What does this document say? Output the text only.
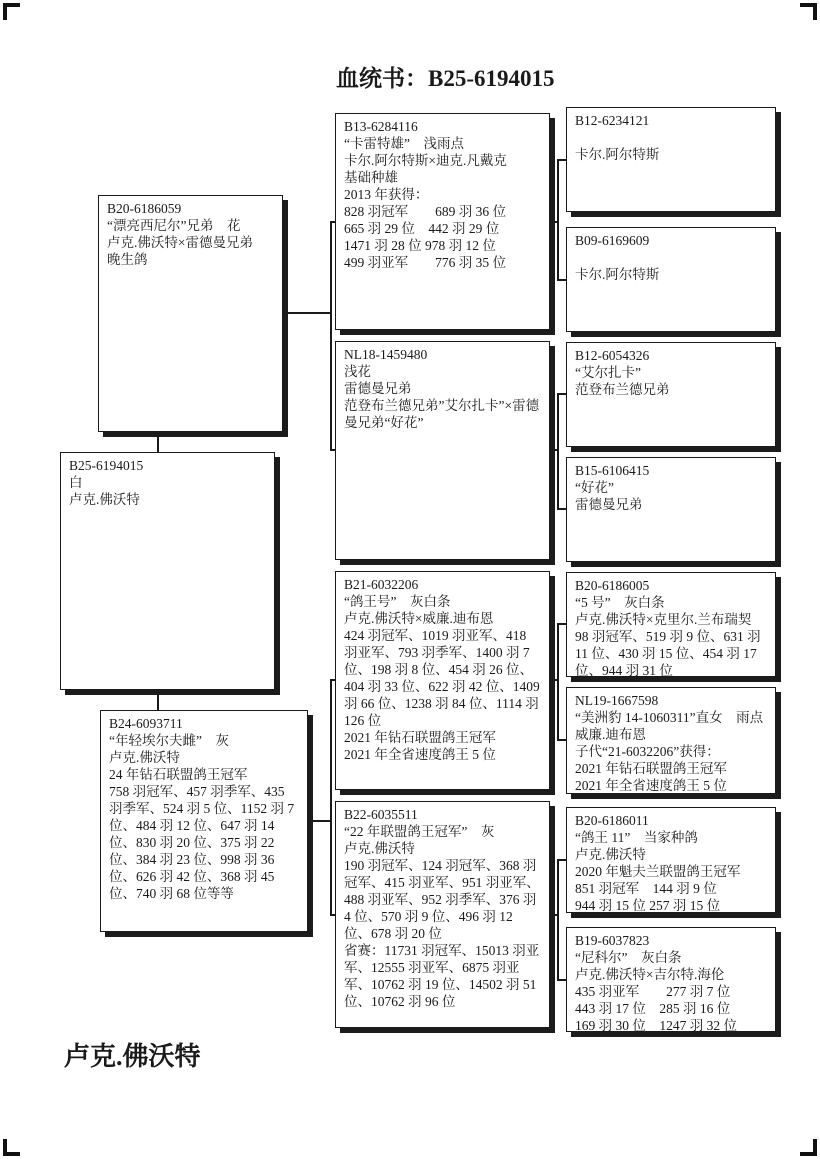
血统书：B25-6194015
B20-6186059
“漂亮西尼尔”兄弟　花
卢克.佛沃特×雷德曼兄弟
晚生鸽
B25-6194015
白
卢克.佛沃特
B24-6093711
“年轻埃尔夫雌”　灰
卢克.佛沃特
24 年钻石联盟鸽王冠军
758 羽冠军、457 羽季军、435 羽季军、524 羽 5 位、1152 羽 7 位、484 羽 12 位、647 羽 14 位、830 羽 20 位、375 羽 22 位、384 羽 23 位、998 羽 36 位、626 羽 42 位、368 羽 45 位、740 羽 68 位等等
B13-6284116
“卡雷特雄”　浅雨点
卡尔.阿尔特斯×迪克.凡戴克
基础种雄
2013 年获得：
828 羽冠军　　689 羽 36 位
665 羽 29 位　442 羽 29 位
1471 羽 28 位 978 羽 12 位
499 羽亚军　　776 羽 35 位
NL18-1459480
浅花
雷德曼兄弟
范登布兰德兄弟”艾尔扎卡”×雷德曼兄弟“好花”
B21-6032206
“鸽王号”　灰白条
卢克.佛沃特×威廉.迪布恩
424 羽冠军、1019 羽亚军、418 羽亚军、793 羽季军、1400 羽 7 位、198 羽 8 位、454 羽 26 位、404 羽 33 位、622 羽 42 位、1409 羽 66 位、1238 羽 84 位、1114 羽 126 位
2021 年钻石联盟鸽王冠军
2021 年全省速度鸽王 5 位
B22-6035511
“22 年联盟鸽王冠军”　灰
卢克.佛沃特
190 羽冠军、124 羽冠军、368 羽冠军、415 羽亚军、951 羽亚军、488 羽亚军、952 羽季军、376 羽 4 位、570 羽 9 位、496 羽 12 位、678 羽 20 位
省赛：11731 羽冠军、15013 羽亚军、12555 羽亚军、6875 羽亚军、10762 羽 19 位、14502 羽 51 位、10762 羽 96 位
B12-6234121

卡尔.阿尔特斯
B09-6169609

卡尔.阿尔特斯
B12-6054326
“艾尔扎卡”
范登布兰德兄弟
B15-6106415
“好花”
雷德曼兄弟
B20-6186005
“5 号”　灰白条
卢克.佛沃特×克里尔.兰布瑞契
98 羽冠军、519 羽 9 位、631 羽 11 位、430 羽 15 位、454 羽 17 位、944 羽 31 位
NL19-1667598
“美洲豹 14-1060311”直女　雨点
威廉.迪布恩
子代“21-6032206”获得：
2021 年钻石联盟鸽王冠军
2021 年全省速度鸽王 5 位
B20-6186011
“鸽王 11”　当家种鸽
卢克.佛沃特
2020 年魁夫兰联盟鸽王冠军
851 羽冠军　144 羽 9 位
944 羽 15 位 257 羽 15 位
B19-6037823
“尼科尔”　灰白条
卢克.佛沃特×吉尔特.海伦
435 羽亚军　　277 羽 7 位
443 羽 17 位　285 羽 16 位
169 羽 30 位　1247 羽 32 位
卢克.佛沃特
